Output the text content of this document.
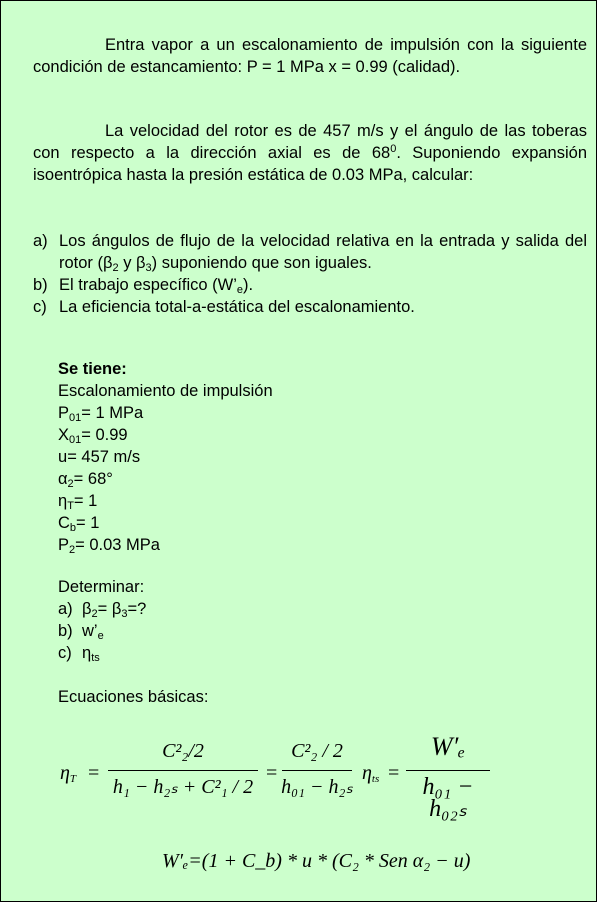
Entra vapor a un escalonamiento de impulsión con la siguiente condición de estancamiento: P = 1 MPa x = 0.99 (calidad).
La velocidad del rotor es de 457 m/s y el ángulo de las toberas con respecto a la dirección axial es de $68^0$. Suponiendo expansión isoentrópica hasta la presión estática de 0.03 MPa, calcular:
a) Los ángulos de flujo de la velocidad relativa en la entrada y salida del rotor ($\beta_2$ y $\beta_3$) suponiendo que son iguales.
b) El trabajo específico $(W’_e)$.
c) La eficiencia total-a-estática del escalonamiento.
Se tiene:
Escalonamiento de impulsión
$P_{01}= 1$ MPa
$X_{01}= 0.99$
u= 457 m/s
$\alpha_2= 68^\circ$
$\eta_T= 1$
$C_b= 1$
$P_2= 0.03$ MPa
Determinar:
a) $\beta_2= \beta_3=$?
b) $w’_e$
c) $\eta_{ts}$
Ecuaciones básicas:
$\eta_T$ =
C²₂/2
h₁ − h₂ₛ + C²₁ / 2
=
C²₂ / 2
h₀₁ − h₂ₛ
$\eta_{ts}$ =
W′ₑ
h₀₁ − h₀₂ₛ
W′ₑ=(1 + C_b) * u * (C₂ * Sen α₂ − u)
